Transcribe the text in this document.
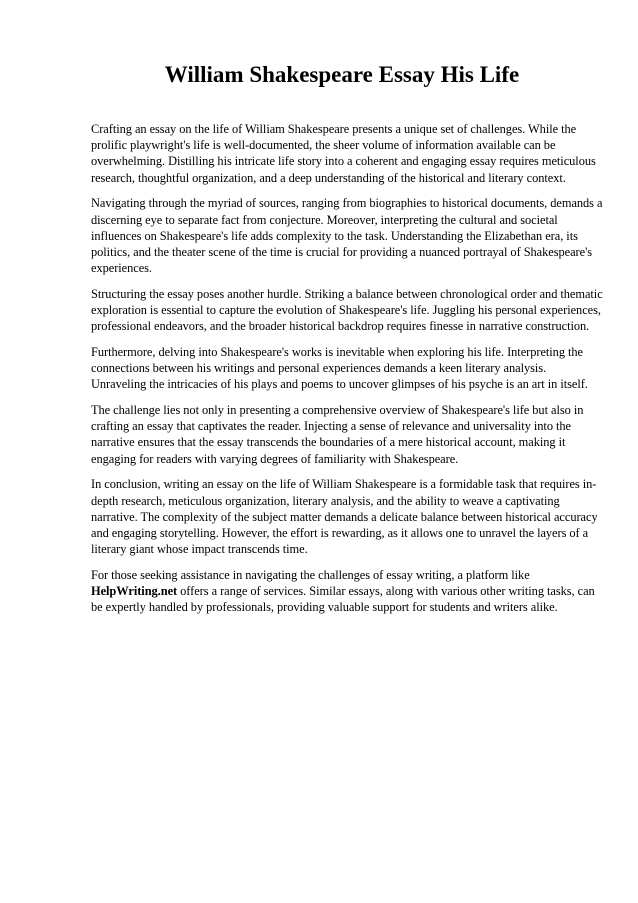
William Shakespeare Essay His Life

Crafting an essay on the life of William Shakespeare presents a unique set of challenges. While the prolific playwright's life is well-documented, the sheer volume of information available can be overwhelming. Distilling his intricate life story into a coherent and engaging essay requires meticulous research, thoughtful organization, and a deep understanding of the historical and literary context.

Navigating through the myriad of sources, ranging from biographies to historical documents, demands a discerning eye to separate fact from conjecture. Moreover, interpreting the cultural and societal influences on Shakespeare's life adds complexity to the task. Understanding the Elizabethan era, its politics, and the theater scene of the time is crucial for providing a nuanced portrayal of Shakespeare's experiences.

Structuring the essay poses another hurdle. Striking a balance between chronological order and thematic exploration is essential to capture the evolution of Shakespeare's life. Juggling his personal experiences, professional endeavors, and the broader historical backdrop requires finesse in narrative construction.

Furthermore, delving into Shakespeare's works is inevitable when exploring his life. Interpreting the connections between his writings and personal experiences demands a keen literary analysis. Unraveling the intricacies of his plays and poems to uncover glimpses of his psyche is an art in itself.

The challenge lies not only in presenting a comprehensive overview of Shakespeare's life but also in crafting an essay that captivates the reader. Injecting a sense of relevance and universality into the narrative ensures that the essay transcends the boundaries of a mere historical account, making it engaging for readers with varying degrees of familiarity with Shakespeare.

In conclusion, writing an essay on the life of William Shakespeare is a formidable task that requires in-depth research, meticulous organization, literary analysis, and the ability to weave a captivating narrative. The complexity of the subject matter demands a delicate balance between historical accuracy and engaging storytelling. However, the effort is rewarding, as it allows one to unravel the layers of a literary giant whose impact transcends time.

For those seeking assistance in navigating the challenges of essay writing, a platform like HelpWriting.net offers a range of services. Similar essays, along with various other writing tasks, can be expertly handled by professionals, providing valuable support for students and writers alike.
